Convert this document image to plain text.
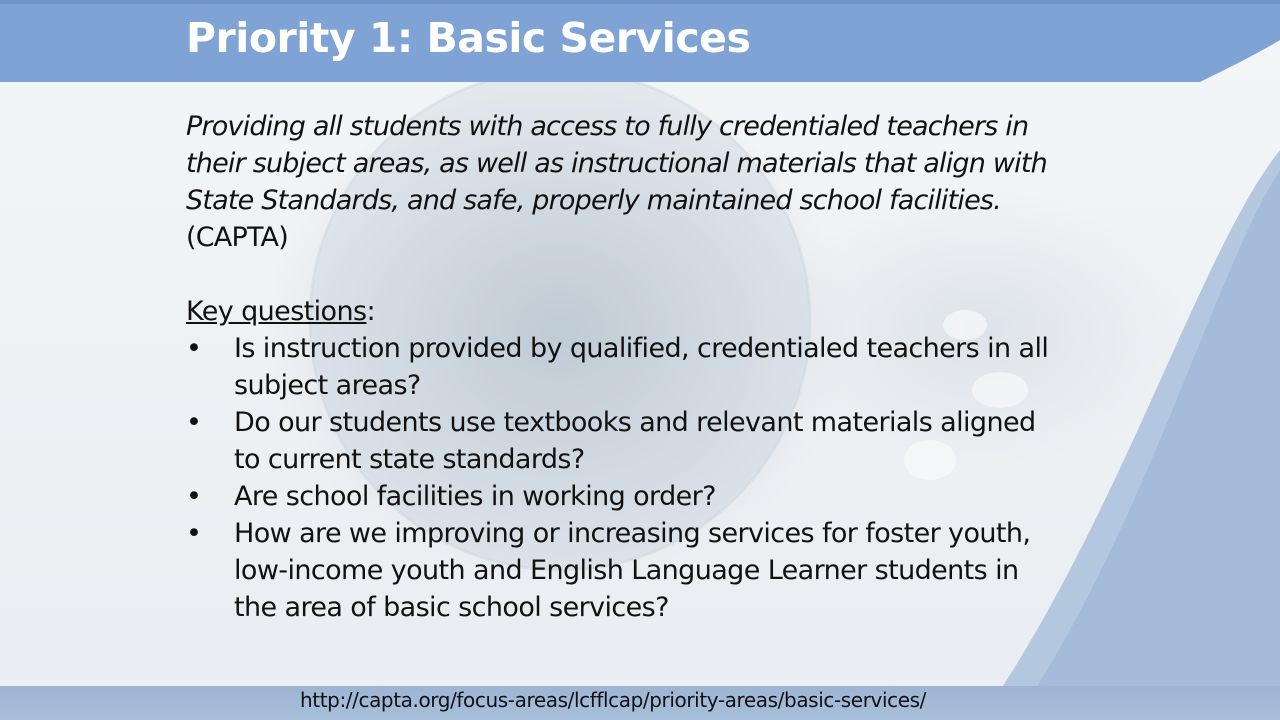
Priority 1: Basic Services

Providing all students with access to fully credentialed teachers in their subject areas, as well as instructional materials that align with State Standards, and safe, properly maintained school facilities. (CAPTA)

Key questions:
• Is instruction provided by qualified, credentialed teachers in all subject areas?
• Do our students use textbooks and relevant materials aligned to current state standards?
• Are school facilities in working order?
• How are we improving or increasing services for foster youth, low-income youth and English Language Learner students in the area of basic school services?
http://capta.org/focus-areas/lcfflcap/priority-areas/basic-services/
